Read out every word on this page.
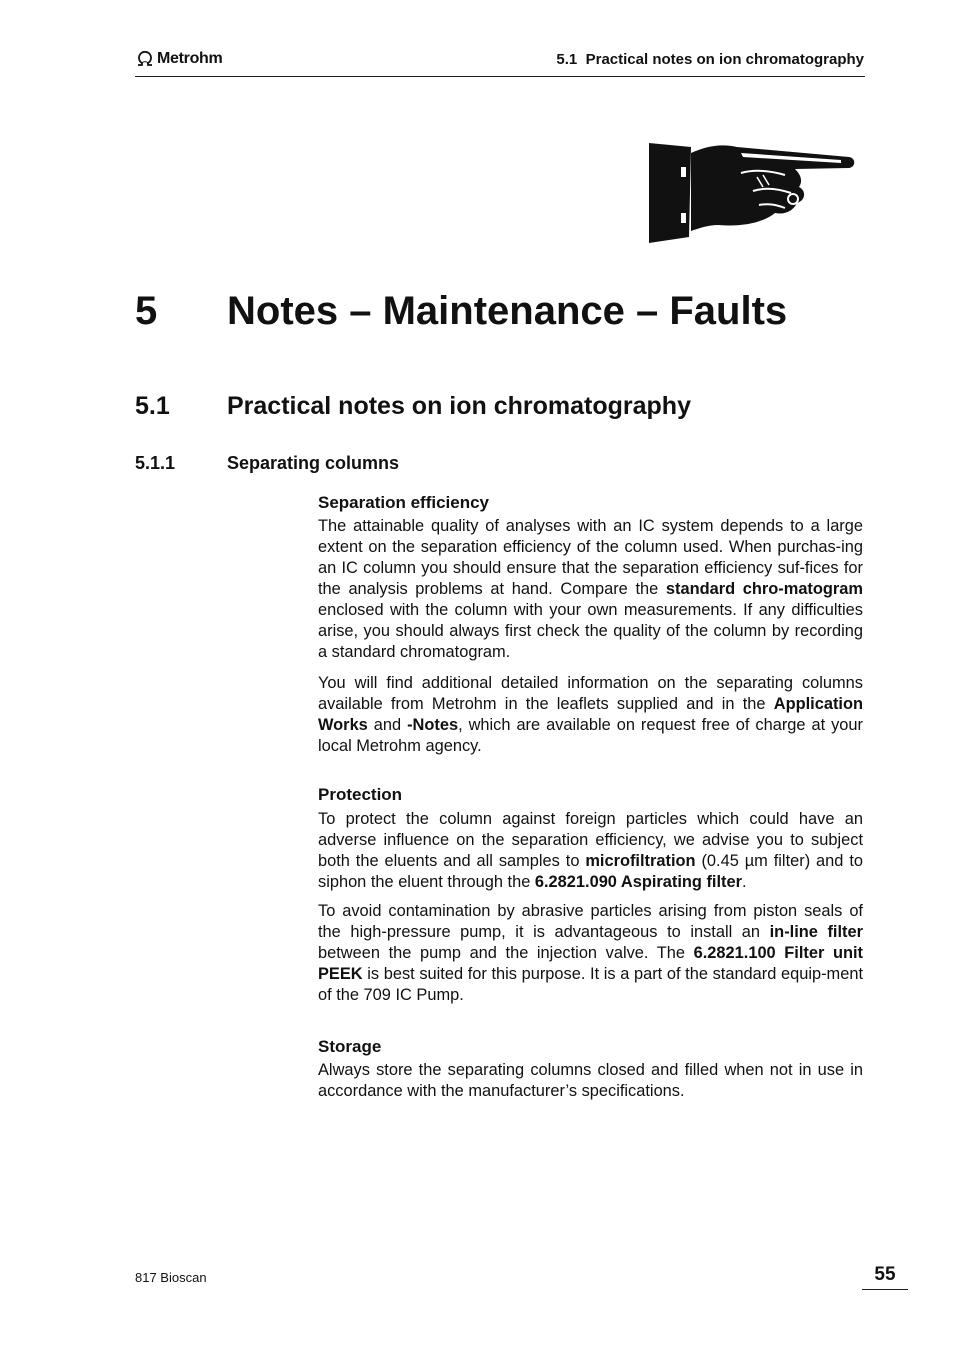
Metrohm	5.1  Practical notes on ion chromatography
5 Notes – Maintenance – Faults
5.1 Practical notes on ion chromatography
5.1.1	Separating columns
Separation efficiency
The attainable quality of analyses with an IC system depends to a large extent on the separation efficiency of the column used. When purchas-ing an IC column you should ensure that the separation efficiency suf-fices for the analysis problems at hand. Compare the standard chro-matogram enclosed with the column with your own measurements. If any difficulties arise, you should always first check the quality of the column by recording a standard chromatogram.
You will find additional detailed information on the separating columns available from Metrohm in the leaflets supplied and in the Application Works and -Notes, which are available on request free of charge at your local Metrohm agency.
Protection
To protect the column against foreign particles which could have an adverse influence on the separation efficiency, we advise you to subject both the eluents and all samples to microfiltration (0.45 µm filter) and to siphon the eluent through the 6.2821.090 Aspirating filter.
To avoid contamination by abrasive particles arising from piston seals of the high-pressure pump, it is advantageous to install an in-line filter between the pump and the injection valve. The 6.2821.100 Filter unit PEEK is best suited for this purpose. It is a part of the standard equip-ment of the 709 IC Pump.
Storage
Always store the separating columns closed and filled when not in use in accordance with the manufacturer’s specifications.
817 Bioscan	55
